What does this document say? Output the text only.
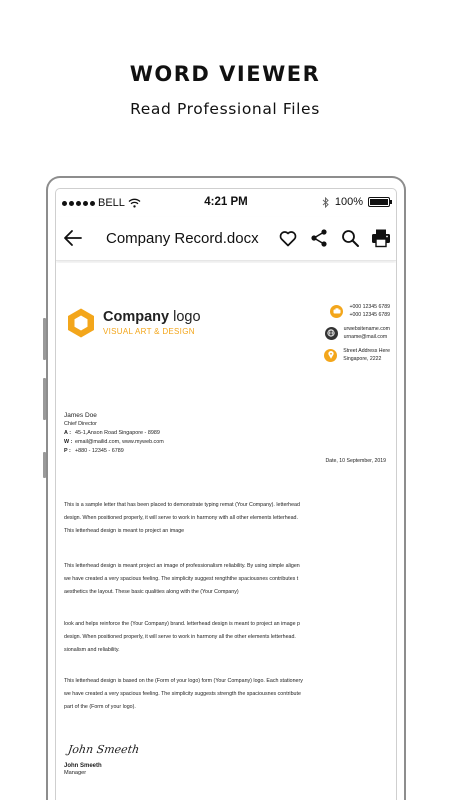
WORD VIEWER
Read Professional Files
BELL	4:21 PM	100%
Company Record.docx
Company logo
VISUAL ART & DESIGN
+000 12345 6789
+000 12345 6789
urwebsitename.com
urname@mail.com
Street Address Here
Singapore, 2222
James Doe
Chief Director
A : 45-1,Anson Road Singapore - 8989
W : email@mailid.com, www.myweb.com
P : +880 - 12345 - 6789
Date, 10 September, 2019
This is a sample letter that has been placed to demonstrate typing remat (Your Company). letterhead
design. When positioned properly, it will serve to work in harmony with all other elements letterhead.
This letterhead design is meant to project an image
This letterhead design is meant project an image of professionalism reliability. By using simple aligen
we have created a very spacious feeling. The simplicity suggest rengththe spaciousnes contributes t
aesthetics the layout. These basic qualities along with the (Your Company)
look and helps reinforce the (Your Company) brand. letterhead design is meant to project an image p
design. When positioned properly, it will serve to work in harmony all the other elements letterhead.
sionalism and reliability.
This letterhead design is based on the (Form of your logo) form (Your Company) logo. Each stationery
we have created a very spacious feeling. The simplicity suggests strength the spaciousnes contribute
part of the (Form of your logo).
John Smeeth
John Smeeth
Manager
